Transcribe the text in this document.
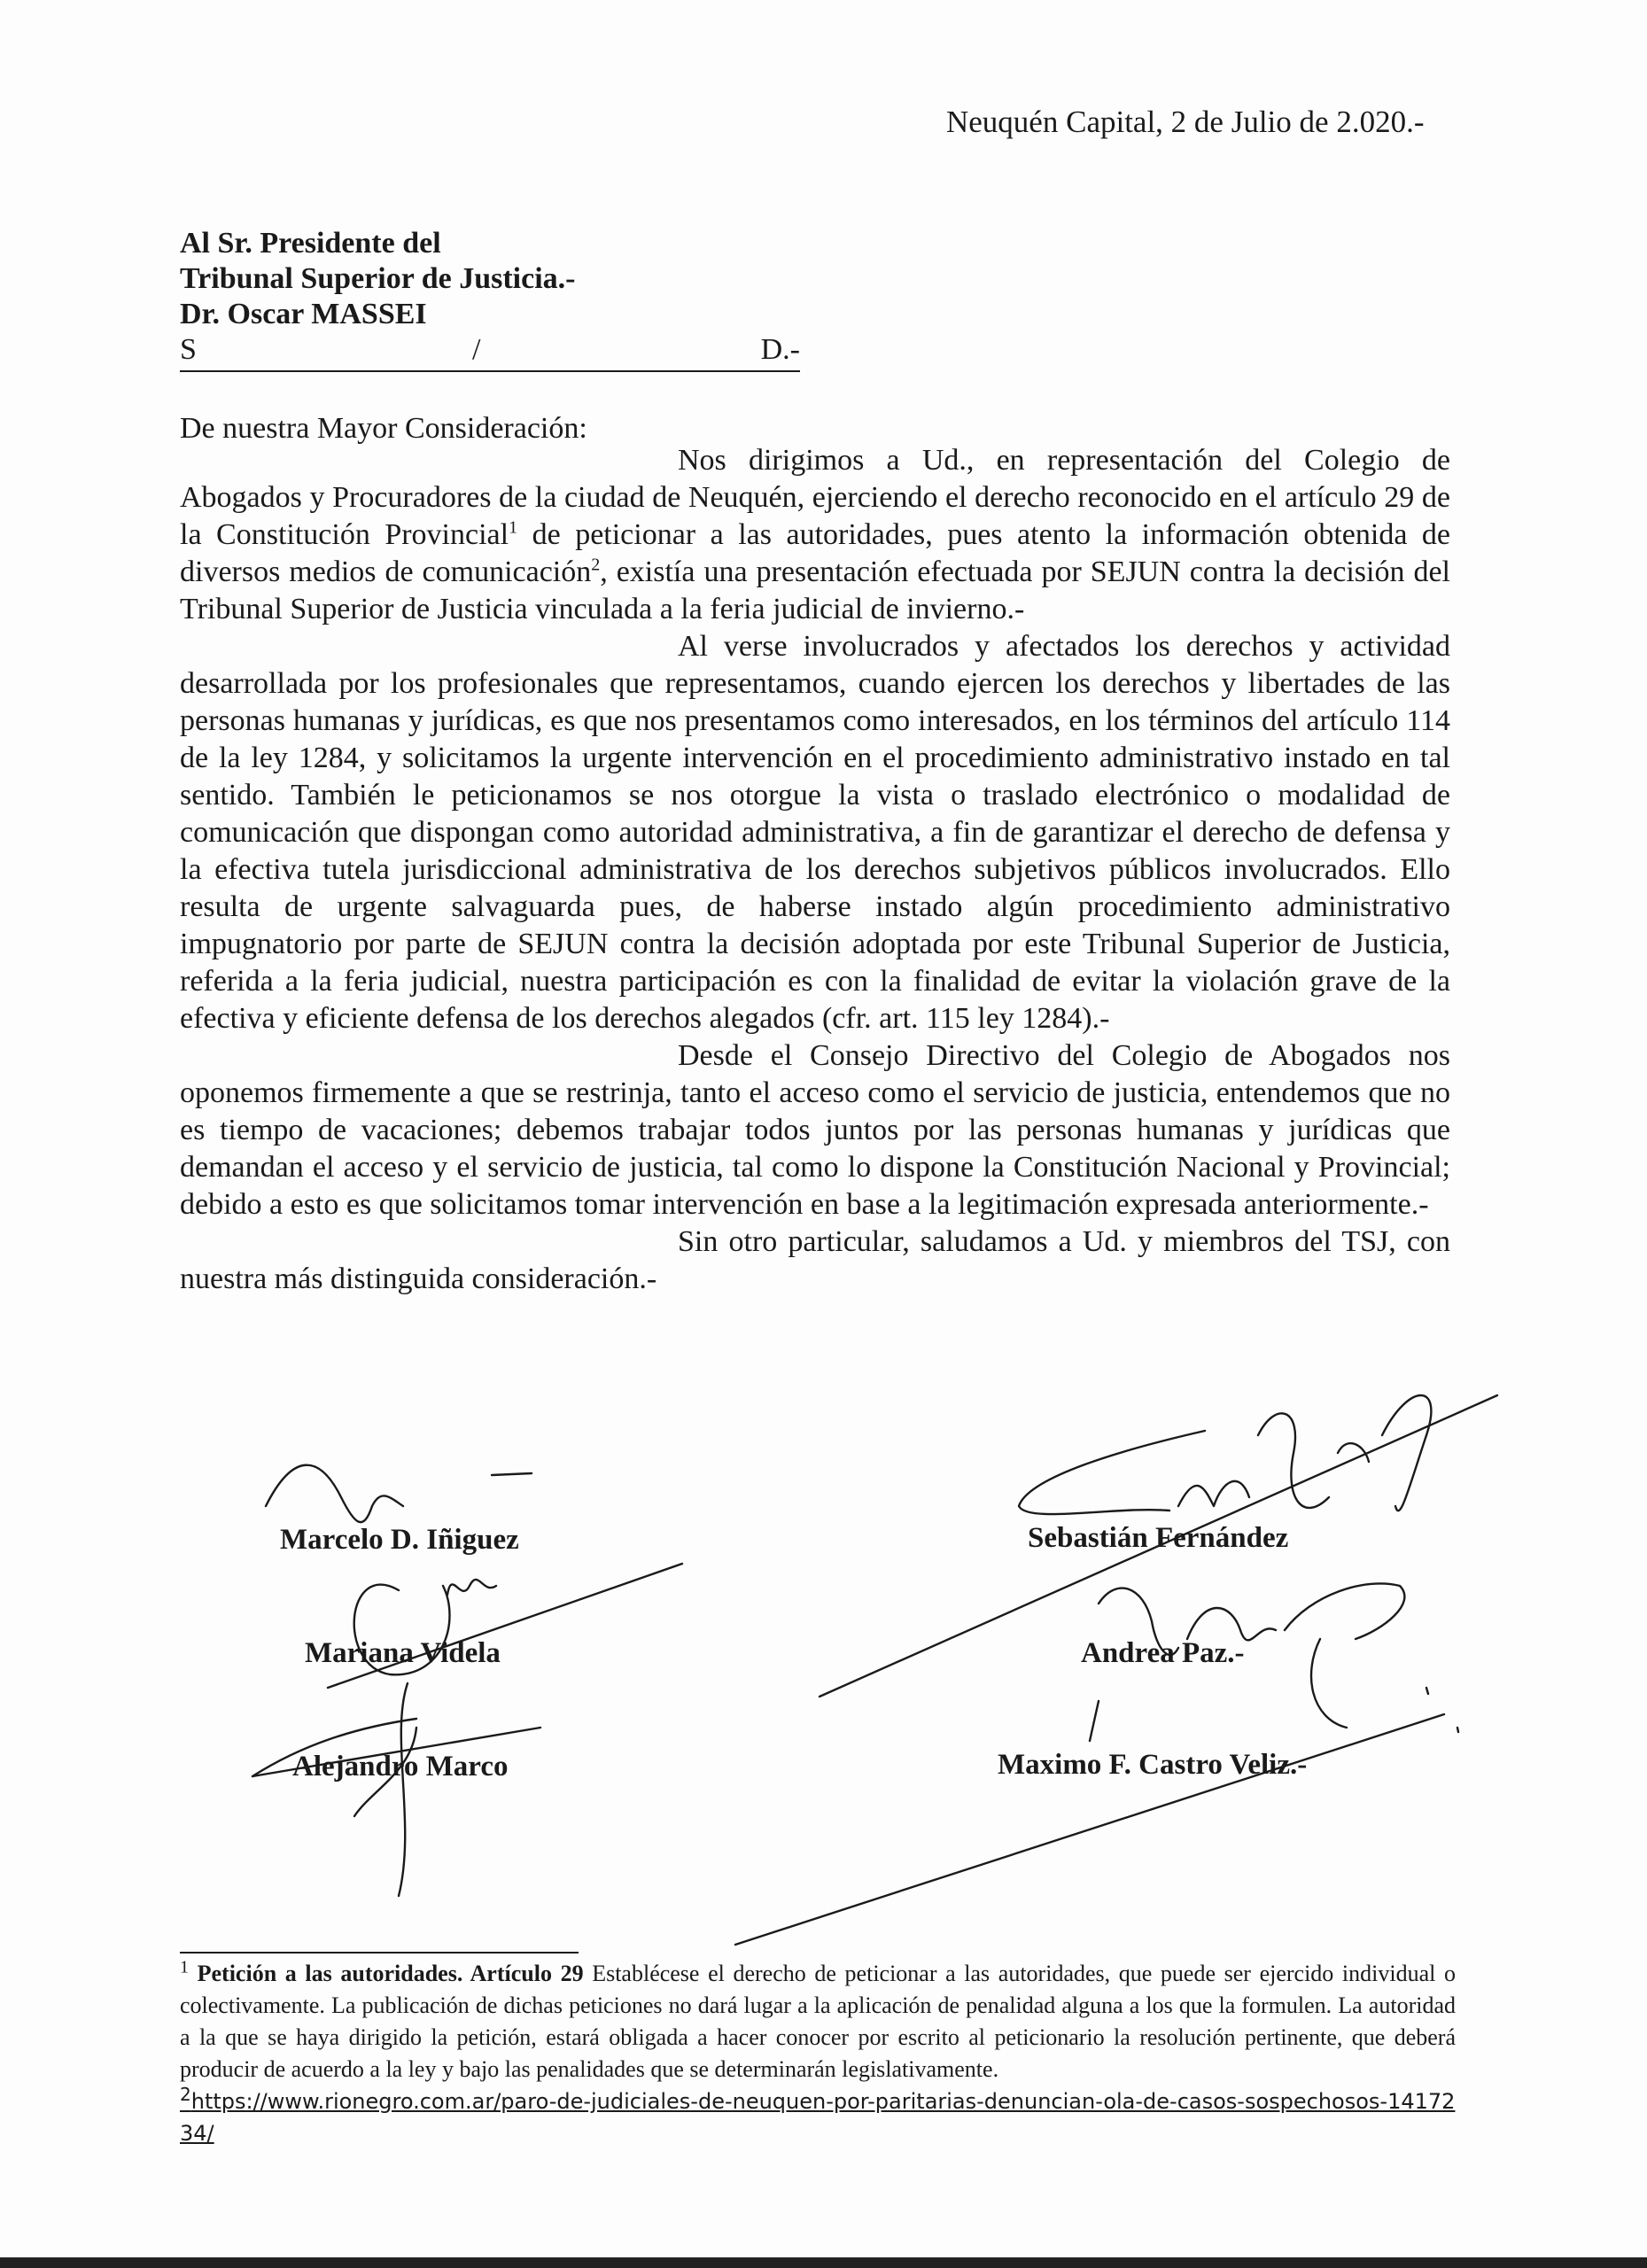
Neuquén Capital, 2 de Julio de 2.020.-
Al Sr. Presidente del
Tribunal Superior de Justicia.-
Dr. Oscar MASSEI
S	/	D.-
De nuestra Mayor Consideración:

Nos dirigimos a Ud., en representación del Colegio de Abogados y Procuradores de la ciudad de Neuquén, ejerciendo el derecho reconocido en el artículo 29 de la Constitución Provincial$^1$ de peticionar a las autoridades, pues atento la información obtenida de diversos medios de comunicación$^2$, existía una presentación efectuada por SEJUN contra la decisión del Tribunal Superior de Justicia vinculada a la feria judicial de invierno.-

Al verse involucrados y afectados los derechos y actividad desarrollada por los profesionales que representamos, cuando ejercen los derechos y libertades de las personas humanas y jurídicas, es que nos presentamos como interesados, en los términos del artículo 114 de la ley 1284, y solicitamos la urgente intervención en el procedimiento administrativo instado en tal sentido. También le peticionamos se nos otorgue la vista o traslado electrónico o modalidad de comunicación que dispongan como autoridad administrativa, a fin de garantizar el derecho de defensa y la efectiva tutela jurisdiccional administrativa de los derechos subjetivos públicos involucrados. Ello resulta de urgente salvaguarda pues, de haberse instado algún procedimiento administrativo impugnatorio por parte de SEJUN contra la decisión adoptada por este Tribunal Superior de Justicia, referida a la feria judicial, nuestra participación es con la finalidad de evitar la violación grave de la efectiva y eficiente defensa de los derechos alegados (cfr. art. 115 ley 1284).-

Desde el Consejo Directivo del Colegio de Abogados nos oponemos firmemente a que se restrinja, tanto el acceso como el servicio de justicia, entendemos que no es tiempo de vacaciones; debemos trabajar todos juntos por las personas humanas y jurídicas que demandan el acceso y el servicio de justicia, tal como lo dispone la Constitución Nacional y Provincial; debido a esto es que solicitamos tomar intervención en base a la legitimación expresada anteriormente.-

Sin otro particular, saludamos a Ud. y miembros del TSJ, con nuestra más distinguida consideración.-

Marcelo D. Iñiguez	Sebastián Fernández
Mariana Videla	Andrea Paz.-
Alejandro Marco	Maximo F. Castro Veliz.-

$^1$ Petición a las autoridades. Artículo 29 Establécese el derecho de peticionar a las autoridades, que puede ser ejercido individual o colectivamente. La publicación de dichas peticiones no dará lugar a la aplicación de penalidad alguna a los que la formulen. La autoridad a la que se haya dirigido la petición, estará obligada a hacer conocer por escrito al peticionario la resolución pertinente, que deberá producir de acuerdo a la ley y bajo las penalidades que se determinarán legislativamente.

$^2$https://www.rionegro.com.ar/paro-de-judiciales-de-neuquen-por-paritarias-denuncian-ola-de-casos-sospechosos-1417234/
